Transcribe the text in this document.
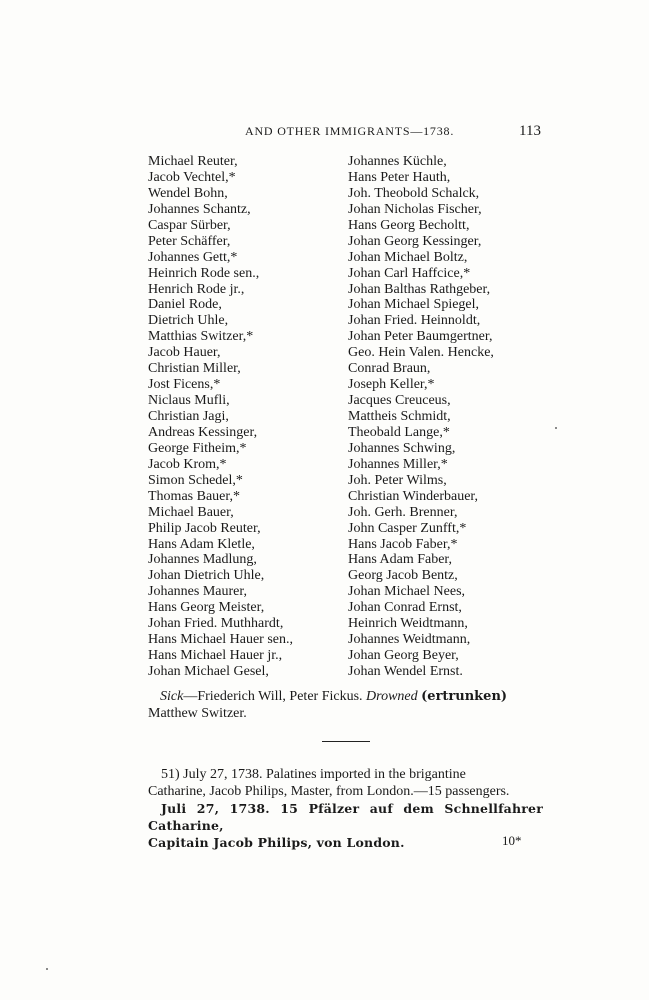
AND OTHER IMMIGRANTS—1738.	113
Michael Reuter,
Jacob Vechtel,*
Wendel Bohn,
Johannes Schantz,
Caspar Sürber,
Peter Schäffer,
Johannes Gett,*
Heinrich Rode sen.,
Henrich Rode jr.,
Daniel Rode,
Dietrich Uhle,
Matthias Switzer,*
Jacob Hauer,
Christian Miller,
Jost Ficens,*
Niclaus Mufli,
Christian Jagi,
Andreas Kessinger,
George Fitheim,*
Jacob Krom,*
Simon Schedel,*
Thomas Bauer,*
Michael Bauer,
Philip Jacob Reuter,
Hans Adam Kletle,
Johannes Madlung,
Johan Dietrich Uhle,
Johannes Maurer,
Hans Georg Meister,
Johan Fried. Muthhardt,
Hans Michael Hauer sen.,
Hans Michael Hauer jr.,
Johan Michael Gesel,
Johannes Küchle,
Hans Peter Hauth,
Joh. Theobold Schalck,
Johan Nicholas Fischer,
Hans Georg Becholtt,
Johan Georg Kessinger,
Johan Michael Boltz,
Johan Carl Haffcice,*
Johan Balthas Rathgeber,
Johan Michael Spiegel,
Johan Fried. Heinnoldt,
Johan Peter Baumgertner,
Geo. Hein Valen. Hencke,
Conrad Braun,
Joseph Keller,*
Jacques Creuceus,
Mattheis Schmidt,
Theobald Lange,*
Johannes Schwing,
Johannes Miller,*
Joh. Peter Wilms,
Christian Winderbauer,
Joh. Gerh. Brenner,
John Casper Zunfft,*
Hans Jacob Faber,*
Hans Adam Faber,
Georg Jacob Bentz,
Johan Michael Nees,
Johan Conrad Ernst,
Heinrich Weidtmann,
Johannes Weidtmann,
Johan Georg Beyer,
Johan Wendel Ernst.
Sick—Friederich Will, Peter Fickus. Drowned (ertrunken)
Matthew Switzer.

51) July 27, 1738. Palatines imported in the brigantine

Catharine, Jacob Philips, Master, from London.—15 passengers.

Juli 27, 1738. 15 Pfälzer auf dem Schnellfahrer Catharine,

Capitain Jacob Philips, von London.	10*
